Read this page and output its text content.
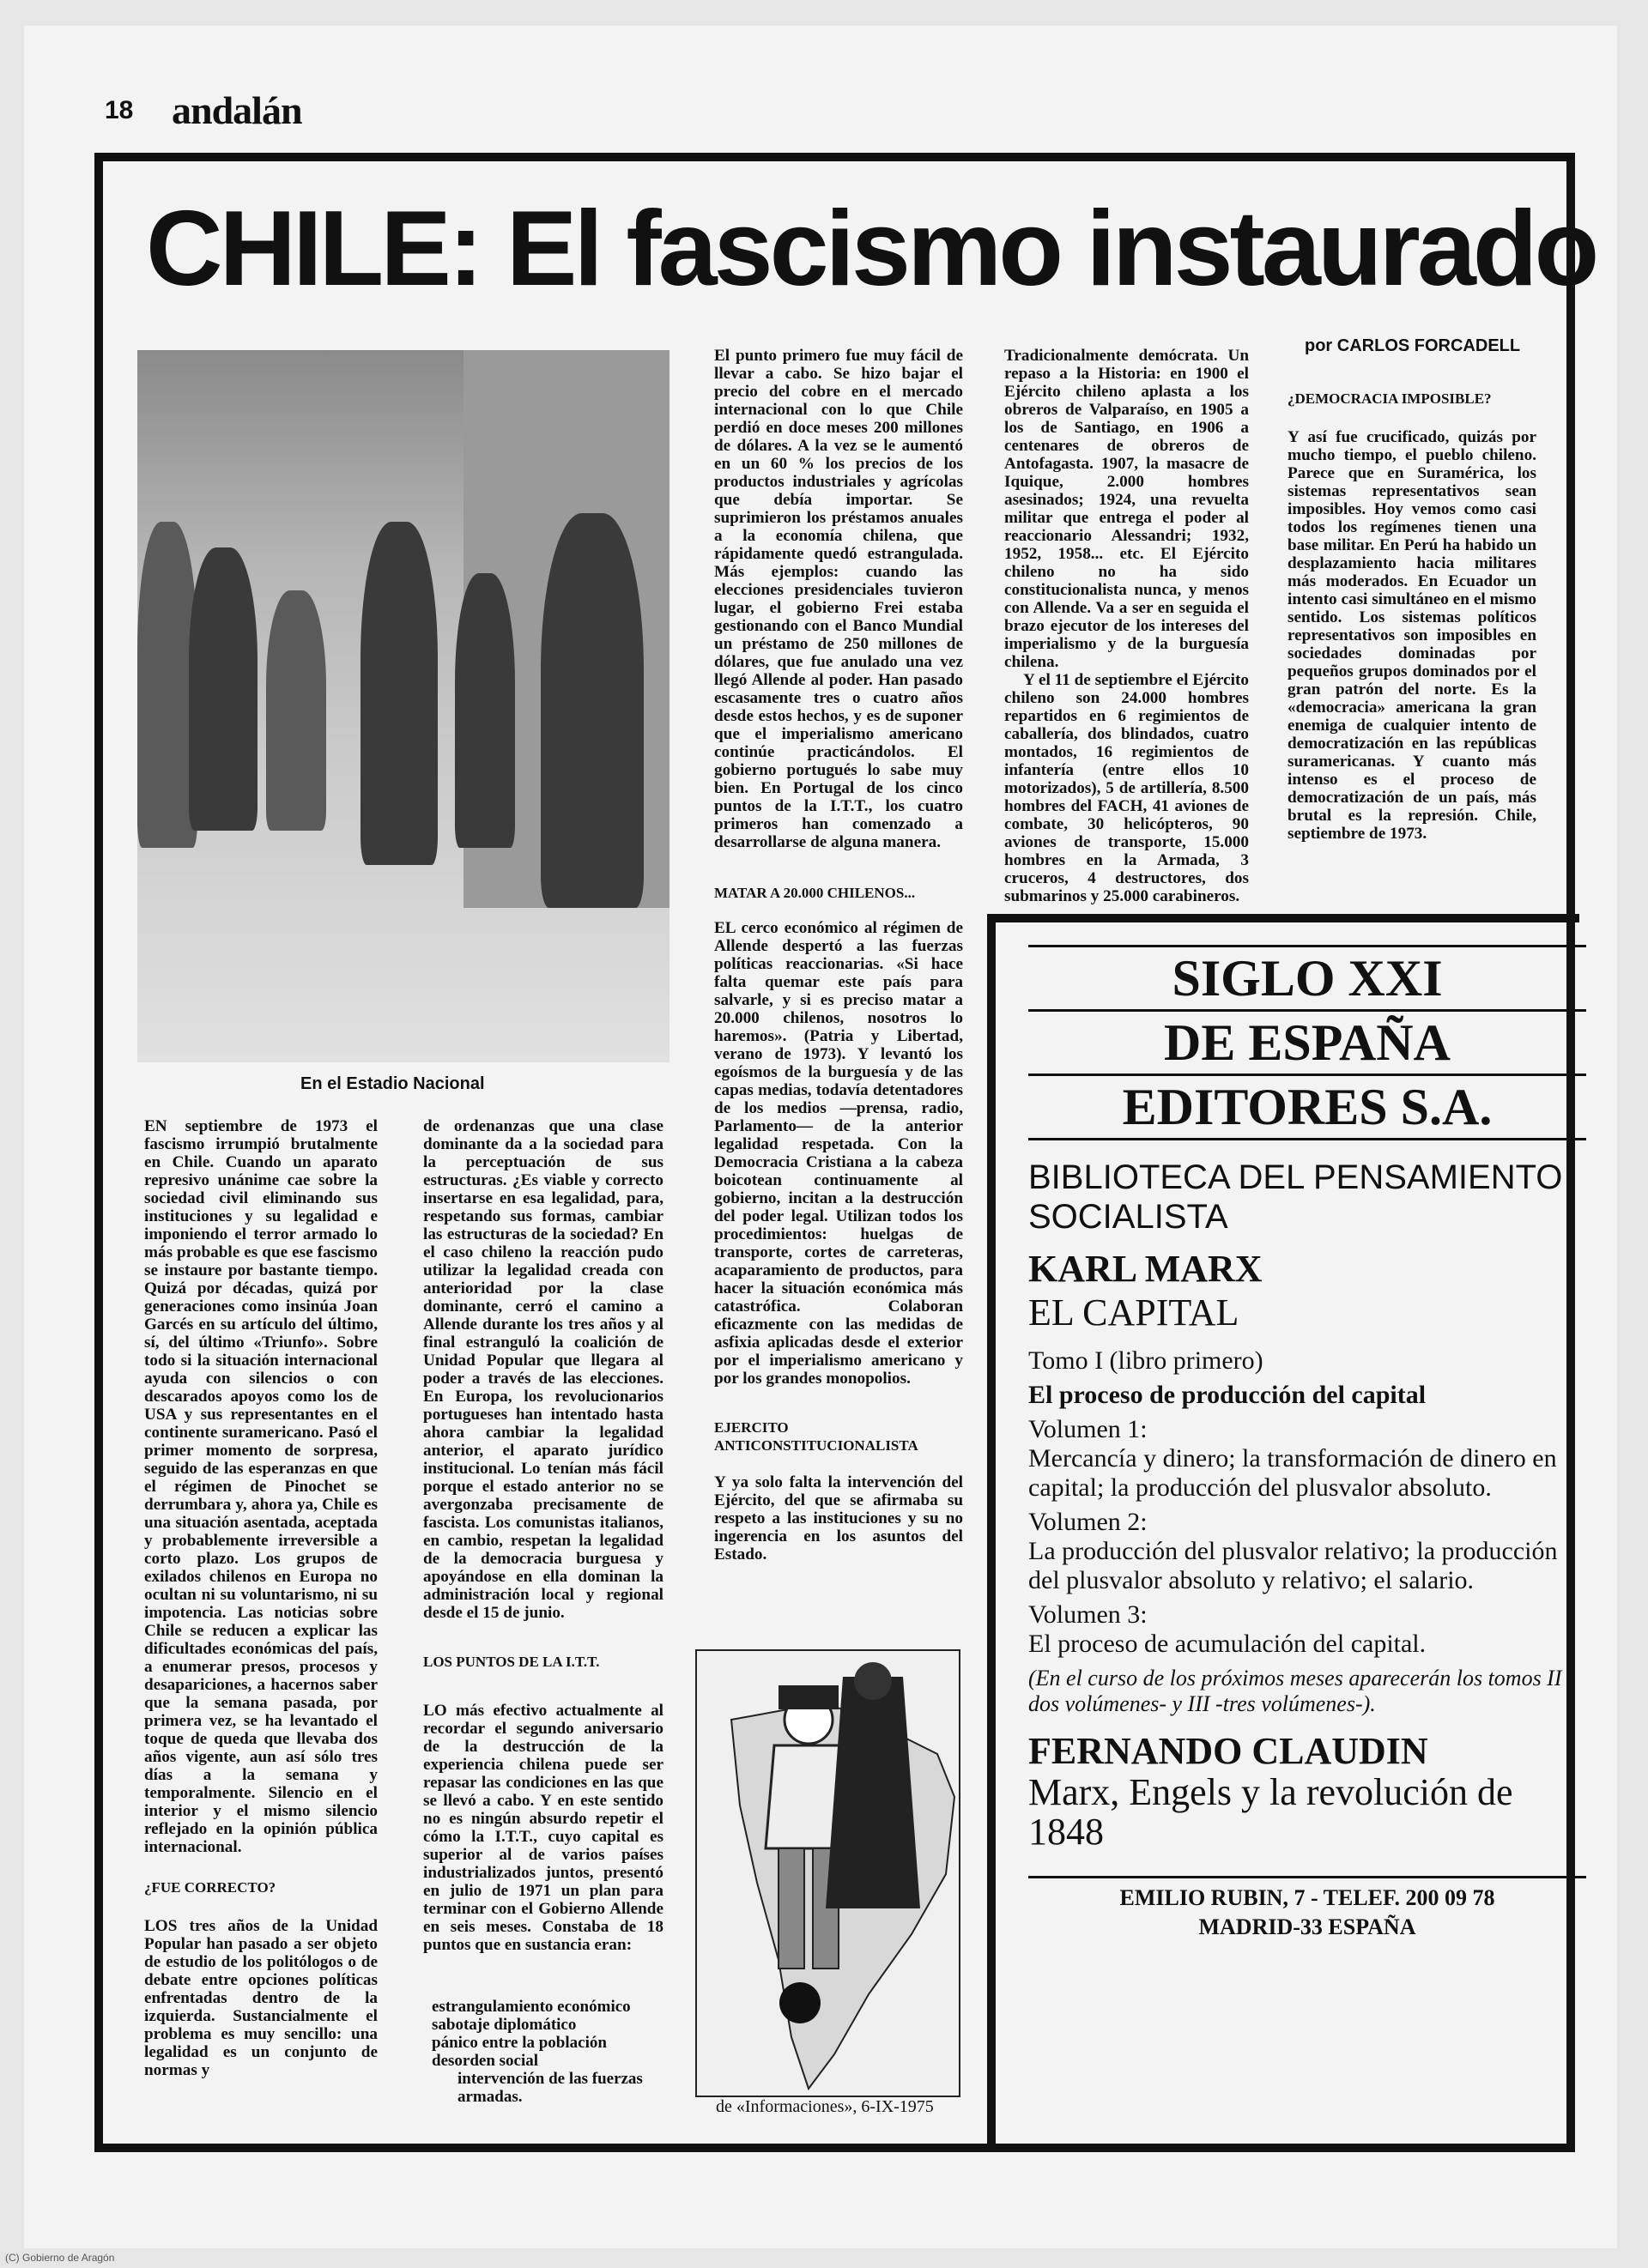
18 andalán
CHILE: El fascismo instaurado
por CARLOS FORCADELL
En el Estadio Nacional

EN septiembre de 1973 el fascismo irrumpió brutalmente en Chile. Cuando un aparato represivo unánime cae sobre la sociedad civil eliminando sus instituciones y su legalidad e imponiendo el terror armado lo más probable es que ese fascismo se instaure por bastante tiempo. Quizá por décadas, quizá por generaciones como insinúa Joan Garcés en su artículo del último, sí, del último «Triunfo». Sobre todo si la situación internacional ayuda con silencios o con descarados apoyos como los de USA y sus representantes en el continente suramericano. Pasó el primer momento de sorpresa, seguido de las esperanzas en que el régimen de Pinochet se derrumbara y, ahora ya, Chile es una situación asentada, aceptada y probablemente irreversible a corto plazo. Los grupos de exilados chilenos en Europa no ocultan ni su voluntarismo, ni su impotencia. Las noticias sobre Chile se reducen a explicar las dificultades económicas del país, a enumerar presos, procesos y desapariciones, a hacernos saber que la semana pasada, por primera vez, se ha levantado el toque de queda que llevaba dos años vigente, aun así sólo tres días a la semana y temporalmente. Silencio en el interior y el mismo silencio reflejado en la opinión pública internacional.

¿FUE CORRECTO?

LOS tres años de la Unidad Popular han pasado a ser objeto de estudio de los politólogos o de debate entre opciones políticas enfrentadas dentro de la izquierda. Sustancialmente el problema es muy sencillo: una legalidad es un conjunto de normas y

de ordenanzas que una clase dominante da a la sociedad para la perceptuación de sus estructuras. ¿Es viable y correcto insertarse en esa legalidad, para, respetando sus formas, cambiar las estructuras de la sociedad? En el caso chileno la reacción pudo utilizar la legalidad creada con anterioridad por la clase dominante, cerró el camino a Allende durante los tres años y al final estranguló la coalición de Unidad Popular que llegara al poder a través de las elecciones. En Europa, los revolucionarios portugueses han intentado hasta ahora cambiar la legalidad anterior, el aparato jurídico institucional. Lo tenían más fácil porque el estado anterior no se avergonzaba precisamente de fascista. Los comunistas italianos, en cambio, respetan la legalidad de la democracia burguesa y apoyándose en ella dominan la administración local y regional desde el 15 de junio.

LOS PUNTOS DE LA I.T.T.

LO más efectivo actualmente al recordar el segundo aniversario de la destrucción de la experiencia chilena puede ser repasar las condiciones en las que se llevó a cabo. Y en este sentido no es ningún absurdo repetir el cómo la I.T.T., cuyo capital es superior al de varios países industrializados juntos, presentó en julio de 1971 un plan para terminar con el Gobierno Allende en seis meses. Constaba de 18 puntos que en sustancia eran:

estrangulamiento económico
sabotaje diplomático
pánico entre la población
desorden social
intervención de las fuerzas armadas.

El punto primero fue muy fácil de llevar a cabo. Se hizo bajar el precio del cobre en el mercado internacional con lo que Chile perdió en doce meses 200 millones de dólares. A la vez se le aumentó en un 60 % los precios de los productos industriales y agrícolas que debía importar. Se suprimieron los préstamos anuales a la economía chilena, que rápidamente quedó estrangulada. Más ejemplos: cuando las elecciones presidenciales tuvieron lugar, el gobierno Frei estaba gestionando con el Banco Mundial un préstamo de 250 millones de dólares, que fue anulado una vez llegó Allende al poder. Han pasado escasamente tres o cuatro años desde estos hechos, y es de suponer que el imperialismo americano continúe practicándolos. El gobierno portugués lo sabe muy bien. En Portugal de los cinco puntos de la I.T.T., los cuatro primeros han comenzado a desarrollarse de alguna manera.

MATAR A 20.000 CHILENOS...

EL cerco económico al régimen de Allende despertó a las fuerzas políticas reaccionarias. «Si hace falta quemar este país para salvarle, y si es preciso matar a 20.000 chilenos, nosotros lo haremos». (Patria y Libertad, verano de 1973). Y levantó los egoísmos de la burguesía y de las capas medias, todavía detentadores de los medios —prensa, radio, Parlamento— de la anterior legalidad respetada. Con la Democracia Cristiana a la cabeza boicotean continuamente al gobierno, incitan a la destrucción del poder legal. Utilizan todos los procedimientos: huelgas de transporte, cortes de carreteras, acaparamiento de productos, para hacer la situación económica más catastrófica. Colaboran eficazmente con las medidas de asfixia aplicadas desde el exterior por el imperialismo americano y por los grandes monopolios.

EJERCITO ANTICONSTITUCIONALISTA

Y ya solo falta la intervención del Ejército, del que se afirmaba su respeto a las instituciones y su no ingerencia en los asuntos del Estado.

de «Informaciones», 6-IX-1975

Tradicionalmente demócrata. Un repaso a la Historia: en 1900 el Ejército chileno aplasta a los obreros de Valparaíso, en 1905 a los de Santiago, en 1906 a centenares de obreros de Antofagasta. 1907, la masacre de Iquique, 2.000 hombres asesinados; 1924, una revuelta militar que entrega el poder al reaccionario Alessandri; 1932, 1952, 1958... etc. El Ejército chileno no ha sido constitucionalista nunca, y menos con Allende. Va a ser en seguida el brazo ejecutor de los intereses del imperialismo y de la burguesía chilena.

Y el 11 de septiembre el Ejército chileno son 24.000 hombres repartidos en 6 regimientos de caballería, dos blindados, cuatro montados, 16 regimientos de infantería (entre ellos 10 motorizados), 5 de artillería, 8.500 hombres del FACH, 41 aviones de combate, 30 helicópteros, 90 aviones de transporte, 15.000 hombres en la Armada, 3 cruceros, 4 destructores, dos submarinos y 25.000 carabineros.

¿DEMOCRACIA IMPOSIBLE?

Y así fue crucificado, quizás por mucho tiempo, el pueblo chileno. Parece que en Suramérica, los sistemas representativos sean imposibles. Hoy vemos como casi todos los regímenes tienen una base militar. En Perú ha habido un desplazamiento hacia militares más moderados. En Ecuador un intento casi simultáneo en el mismo sentido. Los sistemas políticos representativos son imposibles en sociedades dominadas por pequeños grupos dominados por el gran patrón del norte. Es la «democracia» americana la gran enemiga de cualquier intento de democratización en las repúblicas suramericanas. Y cuanto más intenso es el proceso de democratización de un país, más brutal es la represión. Chile, septiembre de 1973.

SIGLO XXI
DE ESPAÑA
EDITORES S.A.
BIBLIOTECA DEL PENSAMIENTO SOCIALISTA
KARL MARX
EL CAPITAL
Tomo I (libro primero)
El proceso de producción del capital
Volumen 1:
Mercancía y dinero; la transformación de dinero en capital; la producción del plusvalor absoluto.
Volumen 2:
La producción del plusvalor relativo; la producción del plusvalor absoluto y relativo; el salario.
Volumen 3:
El proceso de acumulación del capital.
(En el curso de los próximos meses aparecerán los tomos II -dos volúmenes- y III -tres volúmenes-).
FERNANDO CLAUDIN
Marx, Engels y la revolución de 1848
EMILIO RUBIN, 7 - TELEF. 200 09 78
MADRID-33 ESPAÑA
(C) Gobierno de Aragón
